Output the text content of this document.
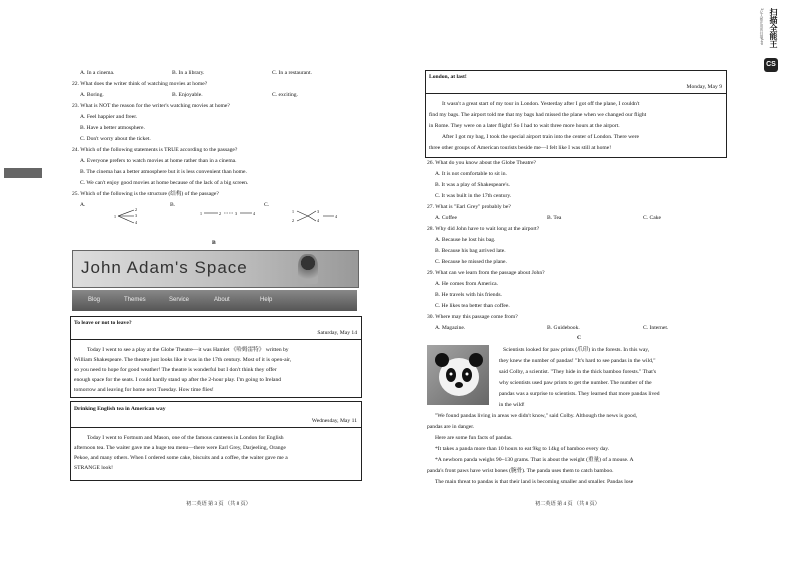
CS
扫描全能王
3亿人都在用的扫描App
A. In a cinema.	B. In a library.	C. In a restaurant.
22. What does the writer think of watching movies at home?
A. Boring.	B. Enjoyable.	C. exciting.
23. What is NOT the reason for the writer's watching movies at home?
A. Feel happier and freer.
B. Have a better atmosphere.
C. Don't worry about the ticket.
24. Which of the following statements is TRUE according to the passage?
A. Everyone prefers to watch movies at home rather than in a cinema.
B. The cinema has a better atmosphere but it is less convenient than home.
C. We can't enjoy good movies at home because of the lack of a big screen.
25. Which of the following is the structure (结构) of the passage?
A.	B.	C.
1
2
3
4
1	2	3	4	1
2
3
4
4
B
John Adam's Space
Blog	Themes	Service	About	Help
To leave or not to leave?
Saturday, May 14
Today I went to see a play at the Globe Theatre—it was Hamlet 《哈姆雷特》 written by
William Shakespeare. The theatre just looks like it was in the 17th century. Most of it is open-air,
so you need to hope for good weather! The theatre is wonderful but I don't think they offer
enough space for the seats. I could hardly stand up after the 2-hour play. I'm going to Ireland
tomorrow and leaving for home next Tuesday. How time flies!
Drinking English tea in American way
Wednesday, May 11
Today I went to Fortnum and Mason, one of the famous canteens in London for English
afternoon tea. The waiter gave me a huge tea menu—there were Earl Grey, Darjeeling, Orange
Pekoe, and many others. When I ordered some cake, biscuits and a coffee, the waiter gave me a
STRANGE look!
初二英语 第 3 页 （共 8 页）
London, at last!
Monday, May 9
It wasn't a great start of my tour in London. Yesterday after I got off the plane, I couldn't
find my bags. The airport told me that my bags had missed the plane when we changed our flight
in Rome. They were on a later flight! So I had to wait three more hours at the airport.
After I got my bag, I took the special airport train into the center of London. There were
three other groups of American tourists beside me—I felt like I was still at home!
26. What do you know about the Globe Theatre?
A. It is not comfortable to sit in.
B. It was a play of Shakespeare's.
C. It was built in the 17th century.
27. What is "Earl Grey" probably be?
A. Coffee	B. Tea	C. Cake
28. Why did John have to wait long at the airport?
A. Because he lost his bag.
B. Because his bag arrived late.
C. Because he missed the plane.
29. What can we learn from the passage about John?
A. He comes from America.
B. He travels with his friends.
C. He likes tea better than coffee.
30. Where may this passage come from?
A. Magazine.	B. Guidebook.	C. Internet.
C
Scientists looked for paw prints (爪印) in the forests. In this way,
they knew the number of pandas! "It's hard to see pandas in the wild,"
said Colby, a scientist. "They hide in the thick bamboo forests." That's
why scientists used paw prints to get the number. The number of the
pandas was a surprise to scientists. They learned that more pandas lived
in the wild!
"We found pandas living in areas we didn't know," said Colby. Although the news is good,
pandas are in danger.
Here are some fun facts of pandas.
*It takes a panda more than 10 hours to eat 9kg to 14kg of bamboo every day.
*A newborn panda weighs 90~130 grams. That is about the weight (重量) of a mouse. A
panda's front paws have wrist bones (腕骨). The panda uses them to catch bamboo.
The main threat to pandas is that their land is becoming smaller and smaller. Pandas lose
初二英语 第 4 页 （共 8 页）
